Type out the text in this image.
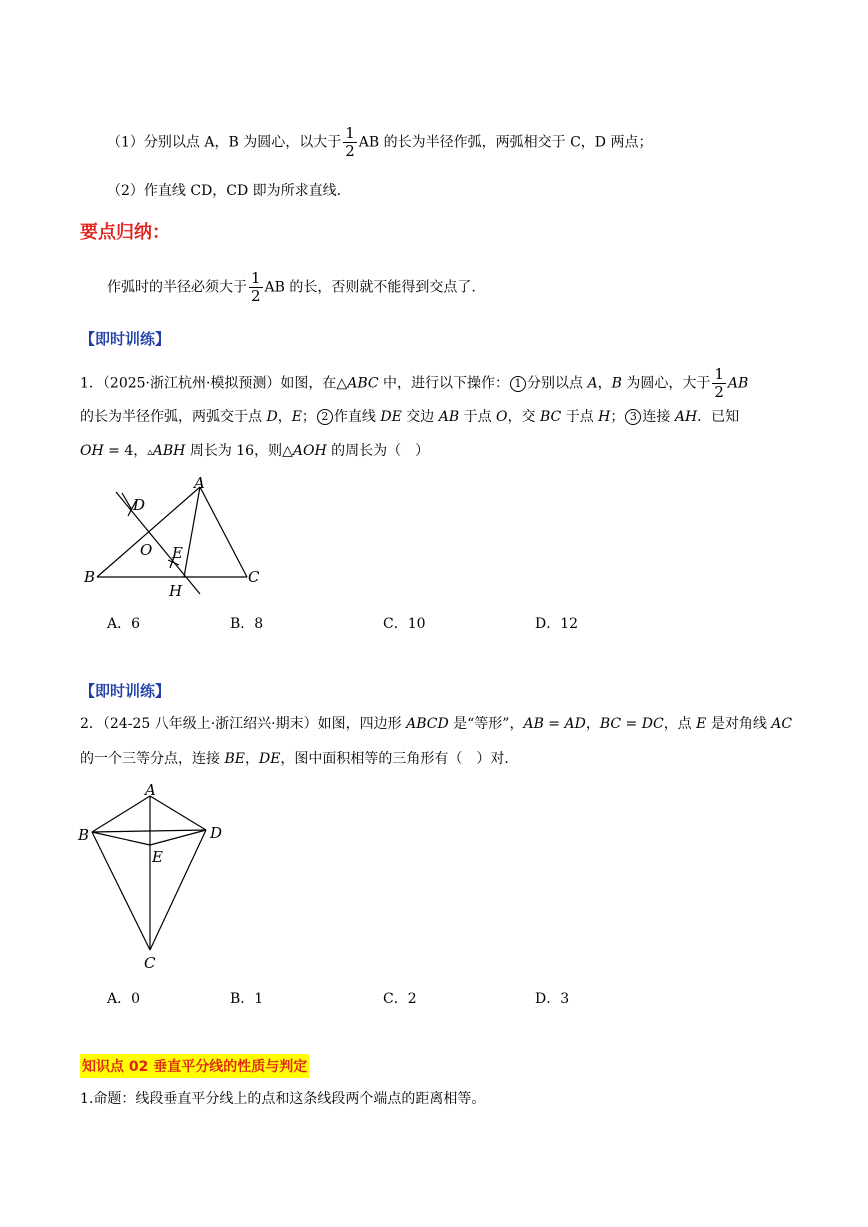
（1）分别以点 A，B 为圆心，以大于 $\frac{1}{2}$ AB 的长为半径作弧，两弧相交于 C，D 两点；
（2）作直线 CD，CD 即为所求直线.
要点归纳：
作弧时的半径必须大于 $\frac{1}{2}$ AB 的长，否则就不能得到交点了.
【即时训练】
1．（2025·浙江杭州·模拟预测）如图，在△ABC 中，进行以下操作： 1 分别以点 A，B 为圆心，大于 $\frac{1}{2}$ AB
的长为半径作弧，两弧交于点 D，E； 2 作直线 DE 交边 AB 于点 O，交 BC 于点 H； 3 连接 AH．已知
OH = 4，▵ABH 周长为 16，则△AOH 的周长为（　）
A
B	C
D
E
O
H
A．6	B．8	C．10	D．12
【即时训练】
2．（24-25 八年级上·浙江绍兴·期末）如图，四边形 ABCD 是“等形”，AB = AD，BC = DC，点 E 是对角线 AC
的一个三等分点，连接 BE，DE，图中面积相等的三角形有（　）对.
A
B	D
E
C
A．0	B．1	C．2	D．3
知识点 02 垂直平分线的性质与判定
1.命题：线段垂直平分线上的点和这条线段两个端点的距离相等。
